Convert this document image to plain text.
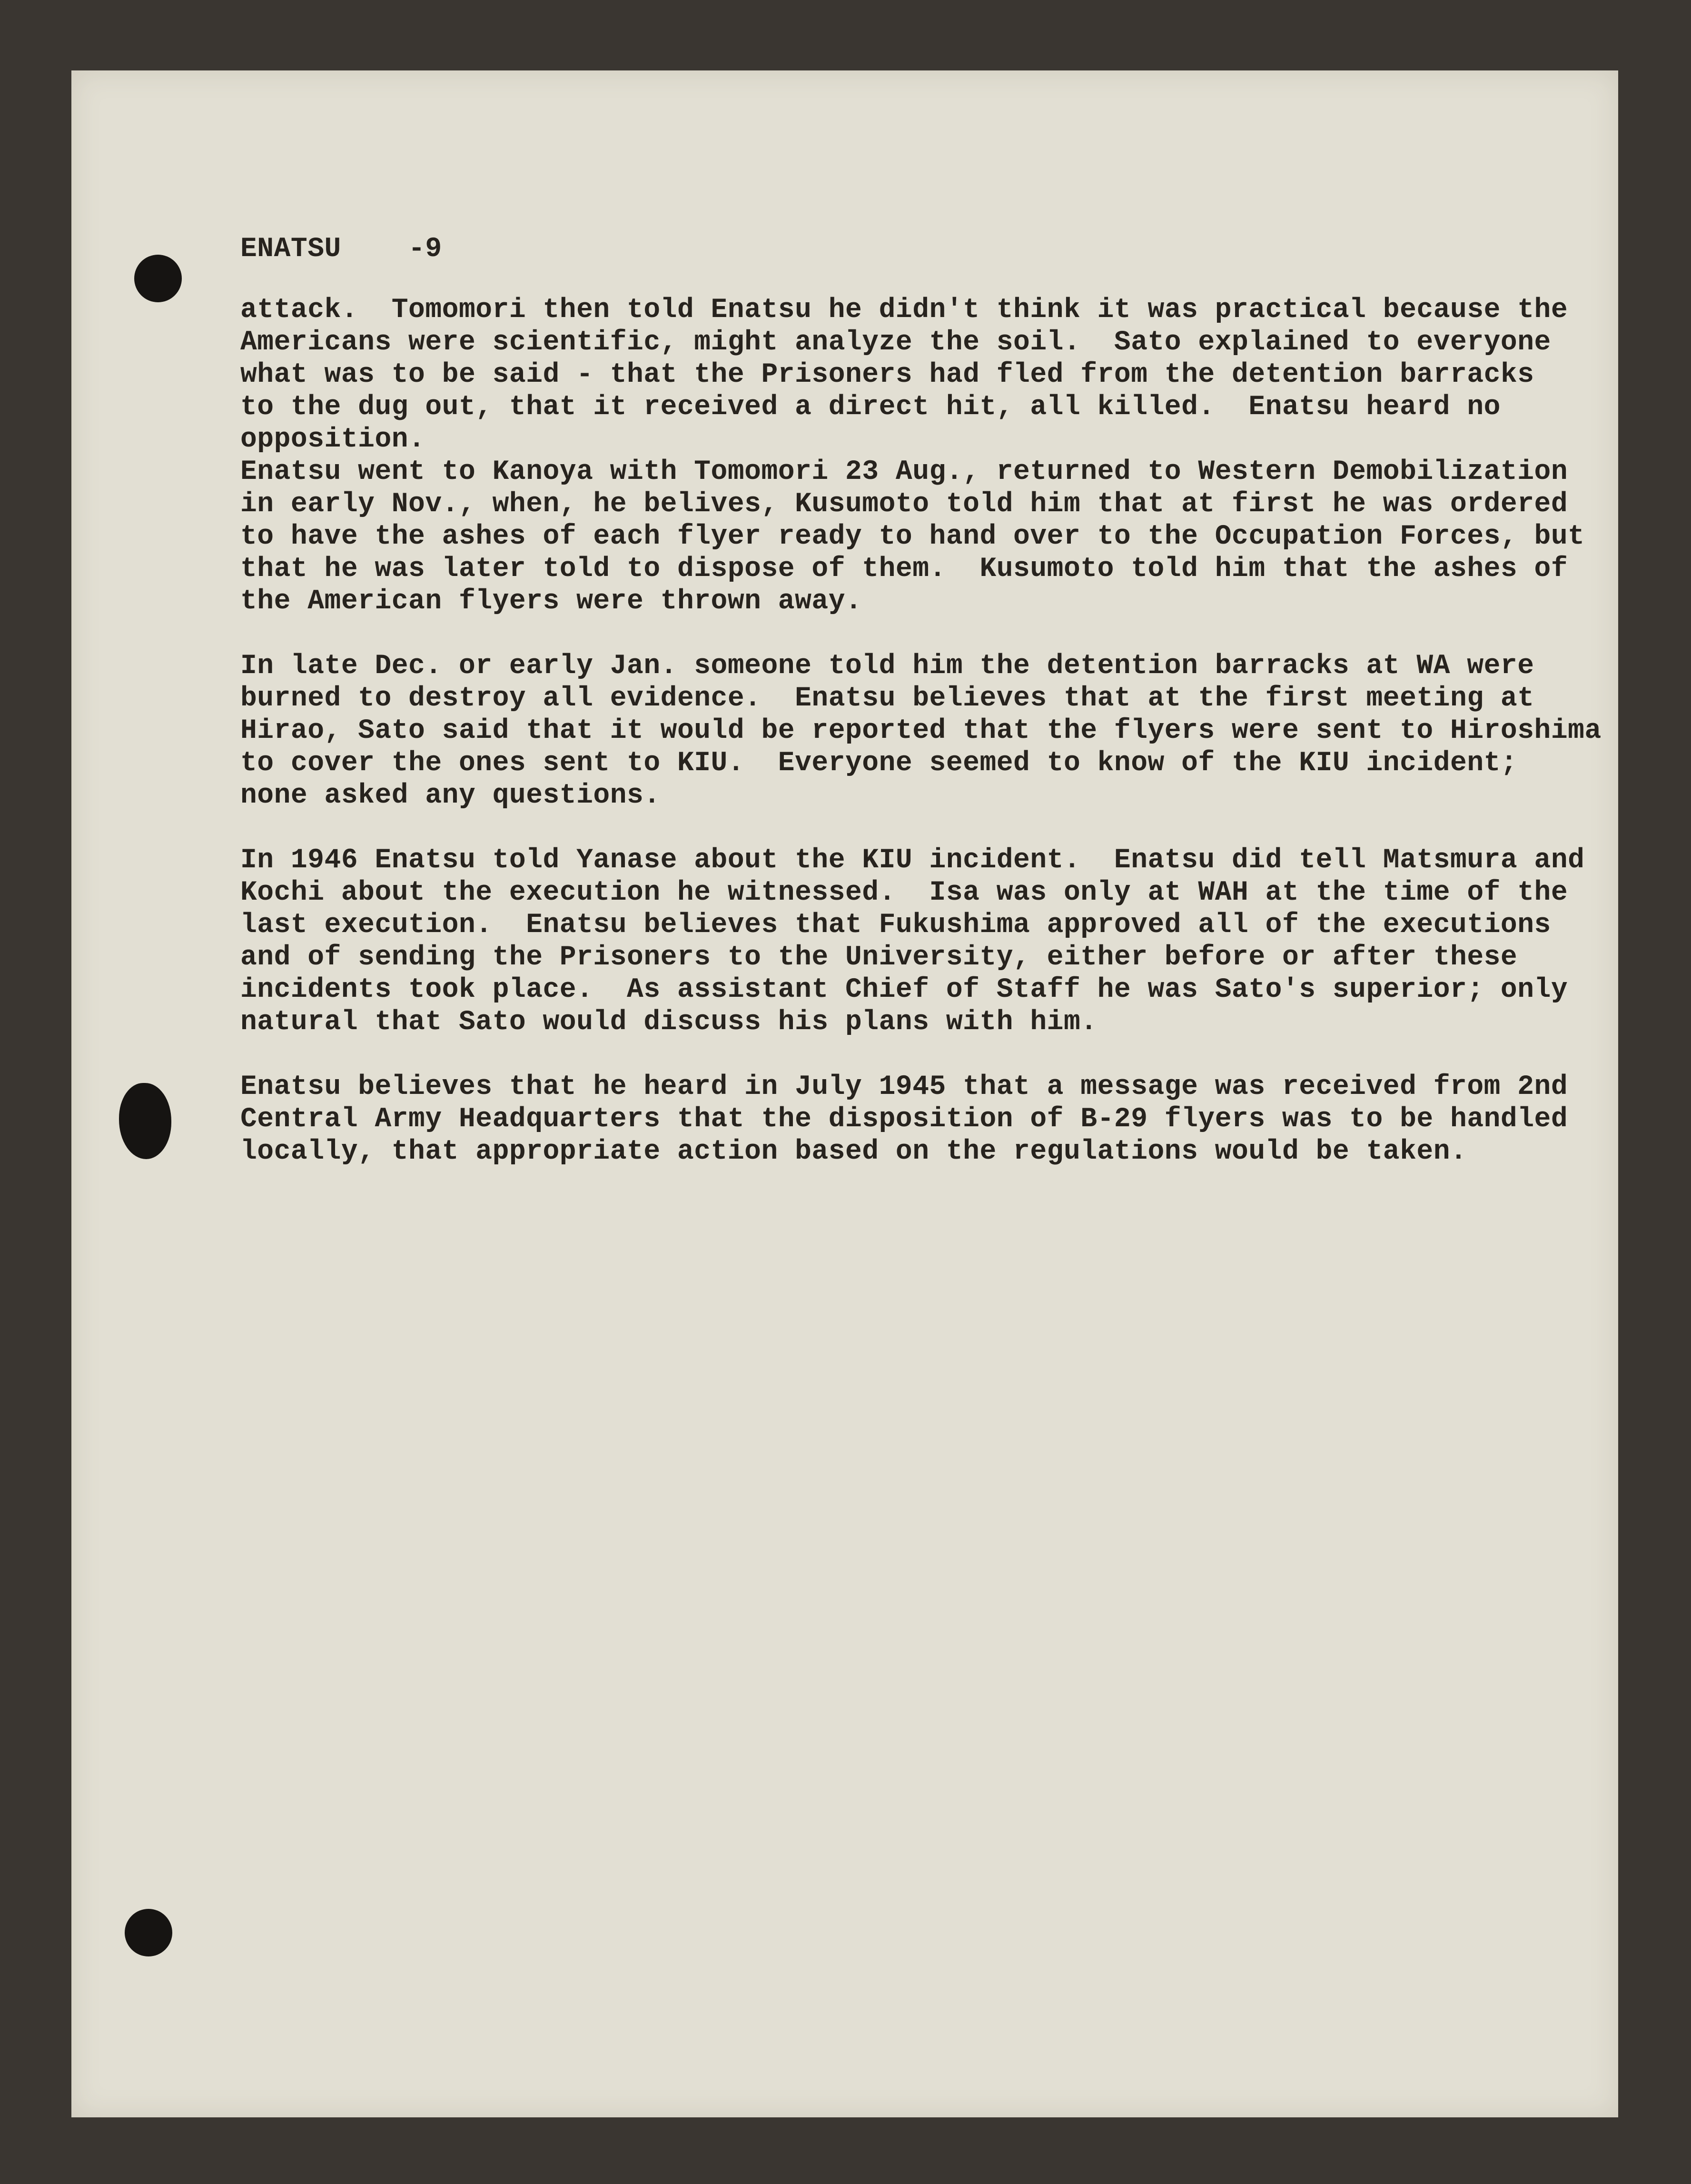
ENATSU    -9

attack.  Tomomori then told Enatsu he didn't think it was practical because the
Americans were scientific, might analyze the soil.  Sato explained to everyone
what was to be said - that the Prisoners had fled from the detention barracks
to the dug out, that it received a direct hit, all killed.  Enatsu heard no
opposition.

Enatsu went to Kanoya with Tomomori 23 Aug., returned to Western Demobilization
in early Nov., when, he belives, Kusumoto told him that at first he was ordered
to have the ashes of each flyer ready to hand over to the Occupation Forces, but
that he was later told to dispose of them.  Kusumoto told him that the ashes of
the American flyers were thrown away.

In late Dec. or early Jan. someone told him the detention barracks at WA were
burned to destroy all evidence.  Enatsu believes that at the first meeting at
Hirao, Sato said that it would be reported that the flyers were sent to Hiroshima
to cover the ones sent to KIU.  Everyone seemed to know of the KIU incident;
none asked any questions.

In 1946 Enatsu told Yanase about the KIU incident.  Enatsu did tell Matsmura and
Kochi about the execution he witnessed.  Isa was only at WAH at the time of the
last execution.  Enatsu believes that Fukushima approved all of the executions
and of sending the Prisoners to the University, either before or after these
incidents took place.  As assistant Chief of Staff he was Sato's superior; only
natural that Sato would discuss his plans with him.

Enatsu believes that he heard in July 1945 that a message was received from 2nd
Central Army Headquarters that the disposition of B-29 flyers was to be handled
locally, that appropriate action based on the regulations would be taken.
